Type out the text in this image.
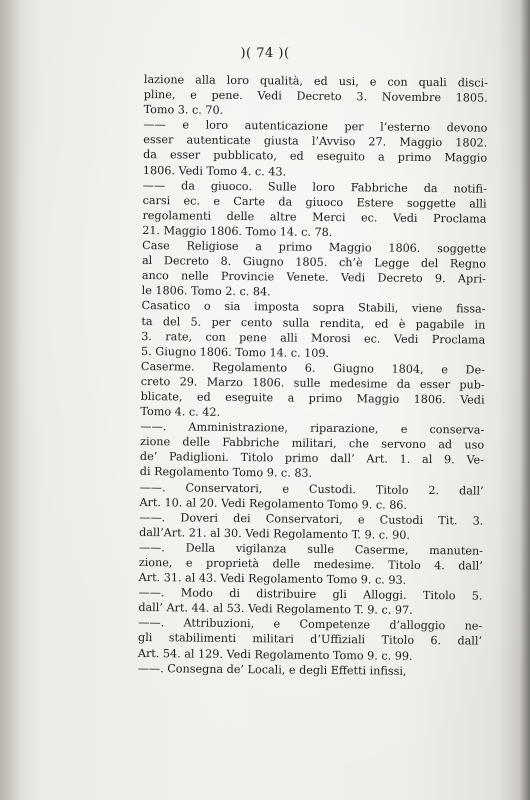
)( 74 )(
lazione alla loro qualità, ed usi, e con quali disci-
pline, e pene. Vedi Decreto 3. Novembre 1805.
Tomo 3. c. 70.
—— e loro autenticazione per l’esterno devono
esser autenticate giusta l’Avviso 27. Maggio 1802.
da esser pubblicato, ed eseguito a primo Maggio
1806. Vedi Tomo 4. c. 43.
—— da giuoco. Sulle loro Fabbriche da notifi-
carsi ec. e Carte da giuoco Estere soggette alli
regolamenti delle altre Merci ec. Vedi Proclama
21. Maggio 1806. Tomo 14. c. 78.
Case Religiose a primo Maggio 1806. soggette
al Decreto 8. Giugno 1805. ch’è Legge del Regno
anco nelle Provincie Venete. Vedi Decreto 9. Apri-
le 1806. Tomo 2. c. 84.
Casatico o sia imposta sopra Stabili, viene fissa-
ta del 5. per cento sulla rendita, ed è pagabile in
3. rate, con pene alli Morosi ec. Vedi Proclama
5. Giugno 1806. Tomo 14. c. 109.
Caserme. Regolamento 6. Giugno 1804, e De-
creto 29. Marzo 1806. sulle medesime da esser pub-
blicate, ed eseguite a primo Maggio 1806. Vedi
Tomo 4. c. 42.
——. Amministrazione, riparazione, e conserva-
zione delle Fabbriche militari, che servono ad uso
de’ Padiglioni. Titolo primo dall’ Art. 1. al 9. Ve-
di Regolamento Tomo 9. c. 83.
——. Conservatori, e Custodi. Titolo 2. dall’
Art. 10. al 20. Vedi Regolamento Tomo 9. c. 86.
——. Doveri dei Conservatori, e Custodi Tit. 3.
dall’Art. 21. al 30. Vedi Regolamento T. 9. c. 90.
——. Della vigilanza sulle Caserme, manuten-
zione, e proprietà delle medesime. Titolo 4. dall’
Art. 31. al 43. Vedi Regolamento Tomo 9. c. 93.
——. Modo di distribuire gli Alloggi. Titolo 5.
dall’ Art. 44. al 53. Vedi Regolamento T. 9. c. 97.
——. Attribuzioni, e Competenze d’alloggio ne-
gli stabilimenti militari d’Uffiziali Titolo 6. dall’
Art. 54. al 129. Vedi Regolamento Tomo 9. c. 99.
——. Consegna de’ Locali, e degli Effetti infissi,
